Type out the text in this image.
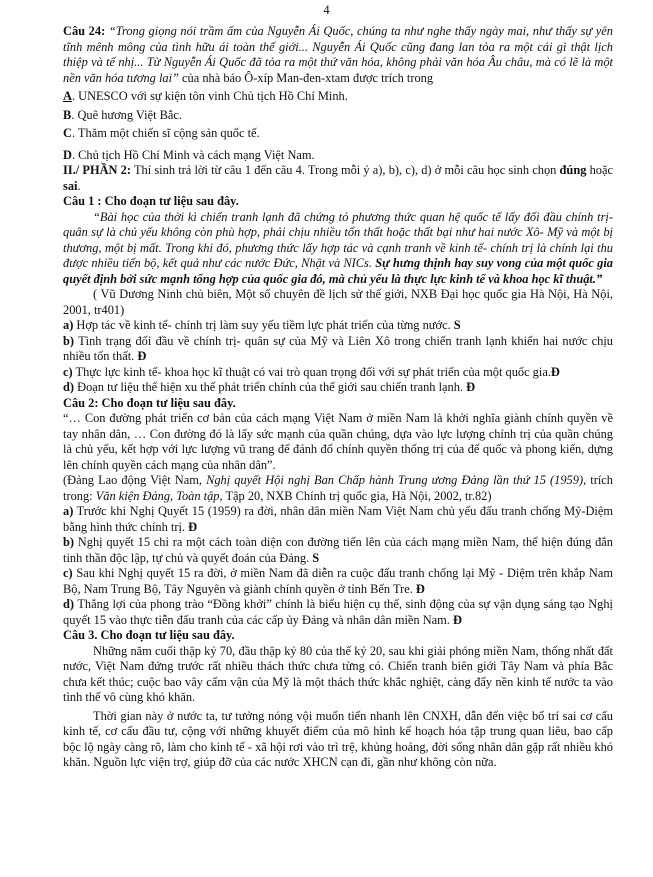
4

Câu 24: “Trong giọng nói trầm ấm của Nguyễn Ái Quốc, chúng ta như nghe thấy ngày mai, như thấy sự yên tĩnh mênh mông của tình hữu ái toàn thế giới... Nguyễn Ái Quốc cũng đang lan tỏa ra một cái gì thật lịch thiệp và tế nhị... Từ Nguyễn Ái Quốc đã tỏa ra một thứ văn hóa, không phải văn hóa Âu châu, mà có lẽ là một nền văn hóa tương lai” của nhà báo Ô-xíp Man-đen-xtam được trích trong

A. UNESCO với sự kiện tôn vinh Chủ tịch Hồ Chí Minh.

B. Quê hương Việt Bắc.

C. Thăm một chiến sĩ cộng sản quốc tế.

D. Chủ tịch Hồ Chí Minh và cách mạng Việt Nam.

II./ PHẦN 2: Thí sinh trả lời từ câu 1 đến câu 4. Trong mỗi ý a), b), c), d) ở mỗi câu học sinh chọn đúng hoặc sai.

Câu 1 : Cho đoạn tư liệu sau đây.

“Bài học của thời kì chiến tranh lạnh đã chứng tỏ phương thức quan hệ quốc tế lấy đối đầu chính trị- quân sự là chủ yếu không còn phù hợp, phải chịu nhiều tổn thất hoặc thất bại như hai nước Xô- Mỹ và một bị thương, một bị mất. Trong khi đó, phương thức lấy hợp tác và cạnh tranh về kinh tế- chính trị là chính lại thu được nhiều tiến bộ, kết quả như các nước Đức, Nhật và NICs. Sự hưng thịnh hay suy vong của một quốc gia quyết định bởi sức mạnh tổng hợp của quốc gia đó, mà chủ yếu là thực lực kinh tế và khoa học kĩ thuật.”

( Vũ Dương Ninh chủ biên, Một số chuyên đề lịch sử thế giới, NXB Đại học quốc gia Hà Nội, Hà Nội, 2001, tr401)

a) Hợp tác về kinh tế- chính trị làm suy yếu tiềm lực phát triển của từng nước. S

b) Tình trạng đối đầu về chính trị- quân sự của Mỹ và Liên Xô trong chiến tranh lạnh khiến hai nước chịu nhiều tổn thất. Đ

c) Thực lực kinh tế- khoa học kĩ thuật có vai trò quan trọng đối với sự phát triển của một quốc gia.Đ

d) Đoạn tư liệu thể hiện xu thế phát triển chính của thế giới sau chiến tranh lạnh. Đ

Câu 2: Cho đoạn tư liệu sau đây.

“… Con đường phát triển cơ bản của cách mạng Việt Nam ở miền Nam là khởi nghĩa giành chính quyền về tay nhân dân, … Con đường đó là lấy sức mạnh của quần chúng, dựa vào lực lượng chính trị của quần chúng là chủ yếu, kết hợp với lực lượng vũ trang để đánh đổ chính quyền thống trị của đế quốc và phong kiến, dựng lên chính quyền cách mạng của nhân dân”.

(Đảng Lao động Việt Nam, Nghị quyết Hội nghị Ban Chấp hành Trung ương Đảng lần thứ 15 (1959), trích trong: Văn kiện Đảng, Toàn tập, Tập 20, NXB Chính trị quốc gia, Hà Nội, 2002, tr.82)

a) Trước khi Nghị Quyết 15 (1959) ra đời, nhân dân miền Nam Việt Nam chủ yếu đấu tranh chống Mỹ-Diệm bằng hình thức chính trị. Đ

b) Nghị quyết 15 chỉ ra một cách toàn diện con đường tiến lên của cách mạng miền Nam, thể hiện đúng đắn tinh thần độc lập, tự chủ và quyết đoán của Đảng. S

c) Sau khi Nghị quyết 15 ra đời, ở miền Nam đã diễn ra cuộc đấu tranh chống lại Mỹ - Diệm trên khắp Nam Bộ, Nam Trung Bộ, Tây Nguyên và giành chính quyền ở tỉnh Bến Tre. Đ

d) Thắng lợi của phong trào “Đồng khởi” chính là biểu hiện cụ thể, sinh động của sự vận dụng sáng tạo Nghị quyết 15 vào thực tiễn đấu tranh của các cấp ủy Đảng và nhân dân miền Nam. Đ

Câu 3. Cho đoạn tư liệu sau đây.

Những năm cuối thập kỷ 70, đầu thập kỷ 80 của thế kỷ 20, sau khi giải phóng miền Nam, thống nhất đất nước, Việt Nam đứng trước rất nhiều thách thức chưa từng có. Chiến tranh biên giới Tây Nam và phía Bắc chưa kết thúc; cuộc bao vây cấm vận của Mỹ là một thách thức khắc nghiệt, càng đẩy nền kinh tế nước ta vào tình thế vô cùng khó khăn.

Thời gian này ở nước ta, tư tưởng nóng vội muốn tiến nhanh lên CNXH, dẫn đến việc bố trí sai cơ cấu kinh tế, cơ cấu đầu tư, cộng với những khuyết điểm của mô hình kế hoạch hóa tập trung quan liêu, bao cấp bộc lộ ngày càng rõ, làm cho kinh tế - xã hội rơi vào trì trệ, khủng hoảng, đời sống nhân dân gặp rất nhiều khó khăn. Nguồn lực viện trợ, giúp đỡ của các nước XHCN cạn đi, gần như không còn nữa.
